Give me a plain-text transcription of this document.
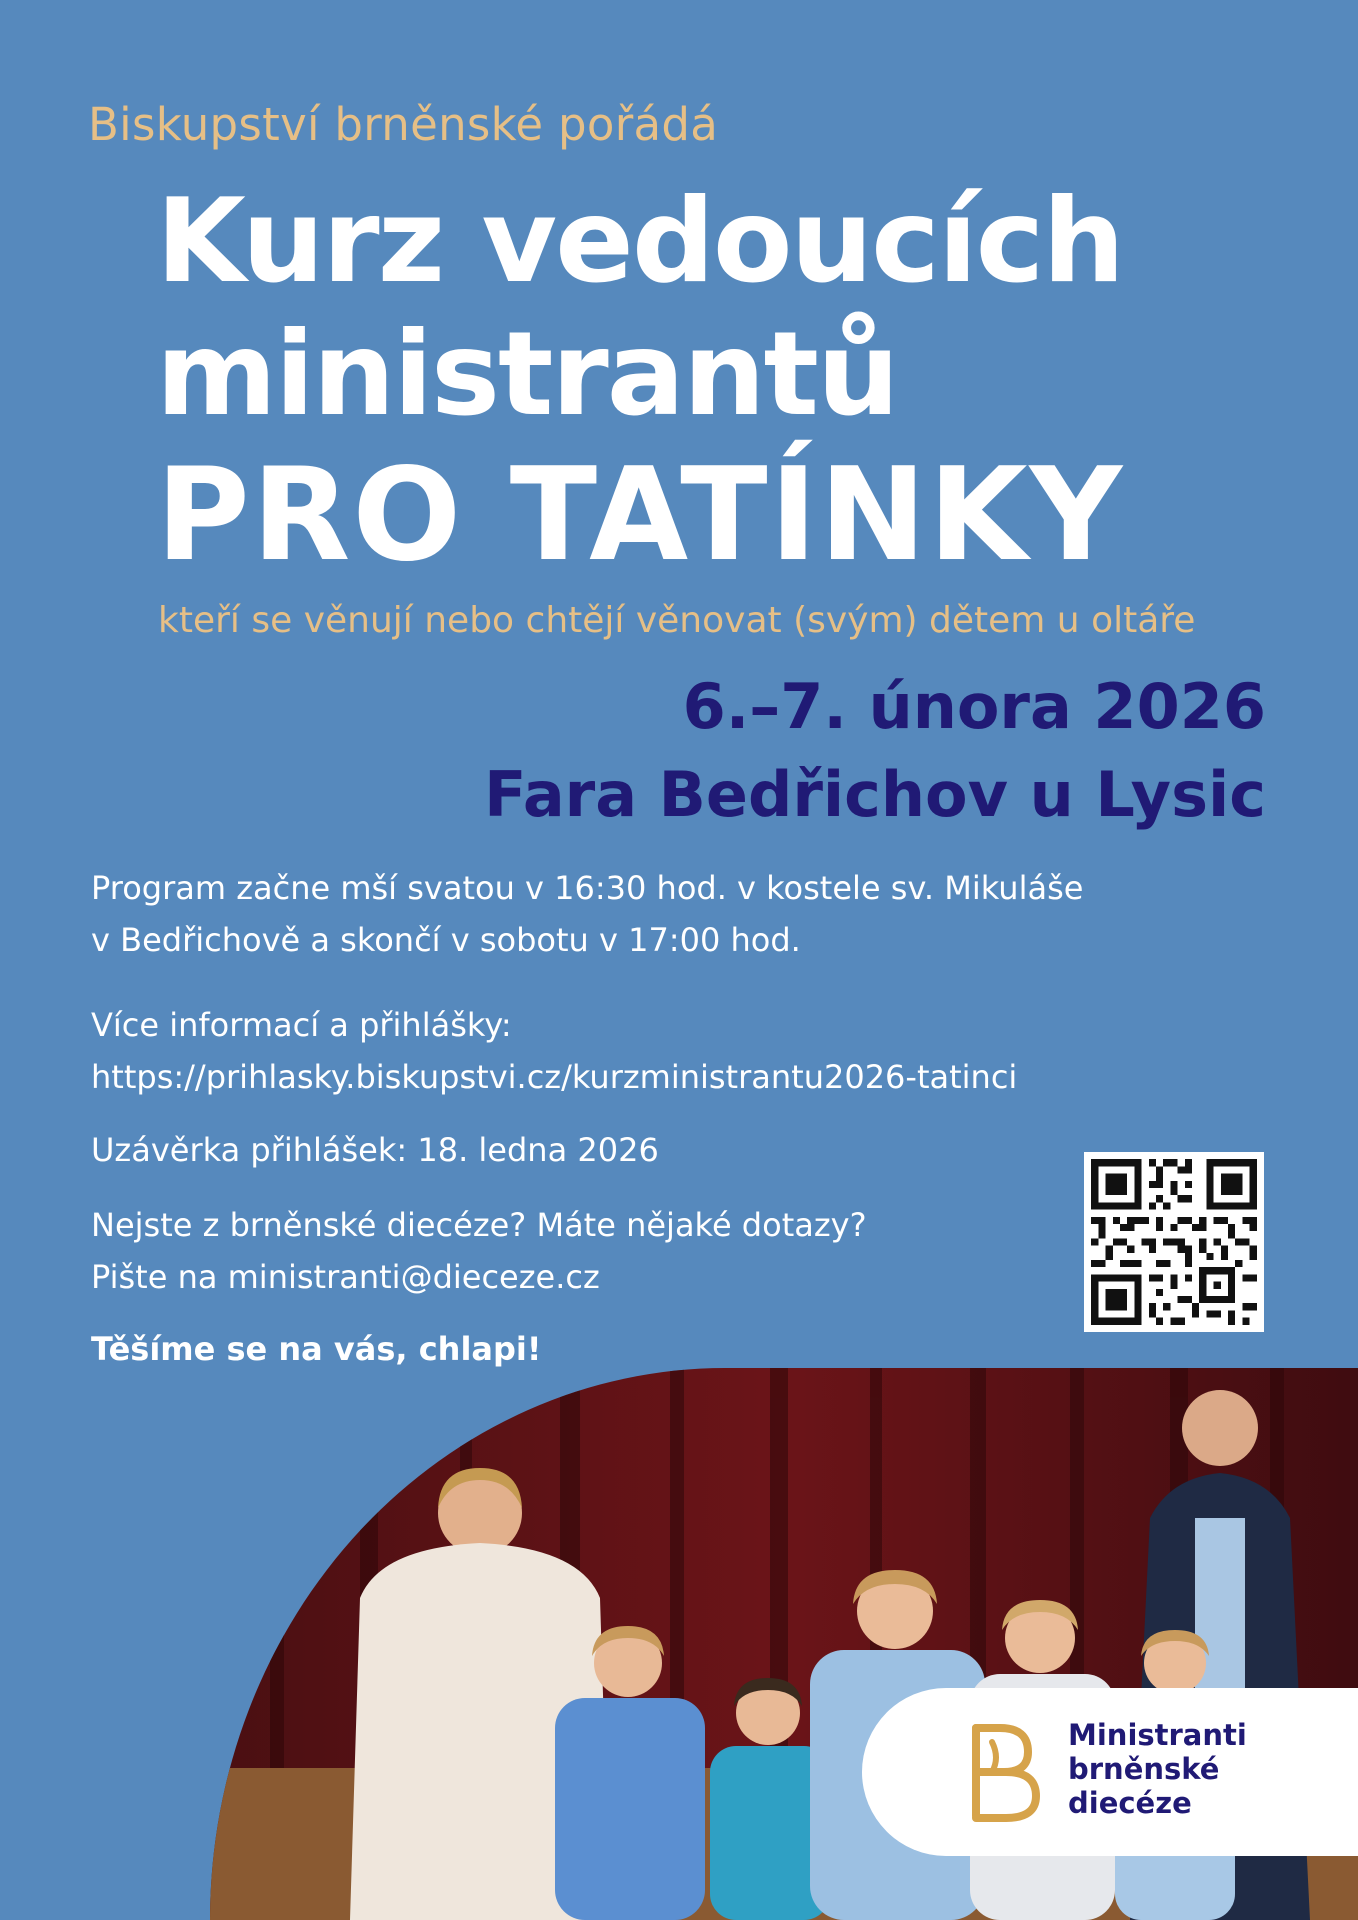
Biskupství brněnské pořádá
Kurz vedoucích
ministrantů
PRO TATÍNKY
kteří se věnují nebo chtějí věnovat (svým) dětem u oltáře
6.–7. února 2026
Fara Bedřichov u Lysic
Program začne mší svatou v 16:30 hod. v kostele sv. Mikuláše
v Bedřichově a skončí v sobotu v 17:00 hod.
Více informací a přihlášky:
https://prihlasky.biskupstvi.cz/kurzministrantu2026-tatinci
Uzávěrka přihlášek: 18. ledna 2026
Nejste z brněnské diecéze? Máte nějaké dotazy?
Pište na ministranti@dieceze.cz
Těšíme se na vás, chlapi!
Ministranti
brněnské
diecéze
